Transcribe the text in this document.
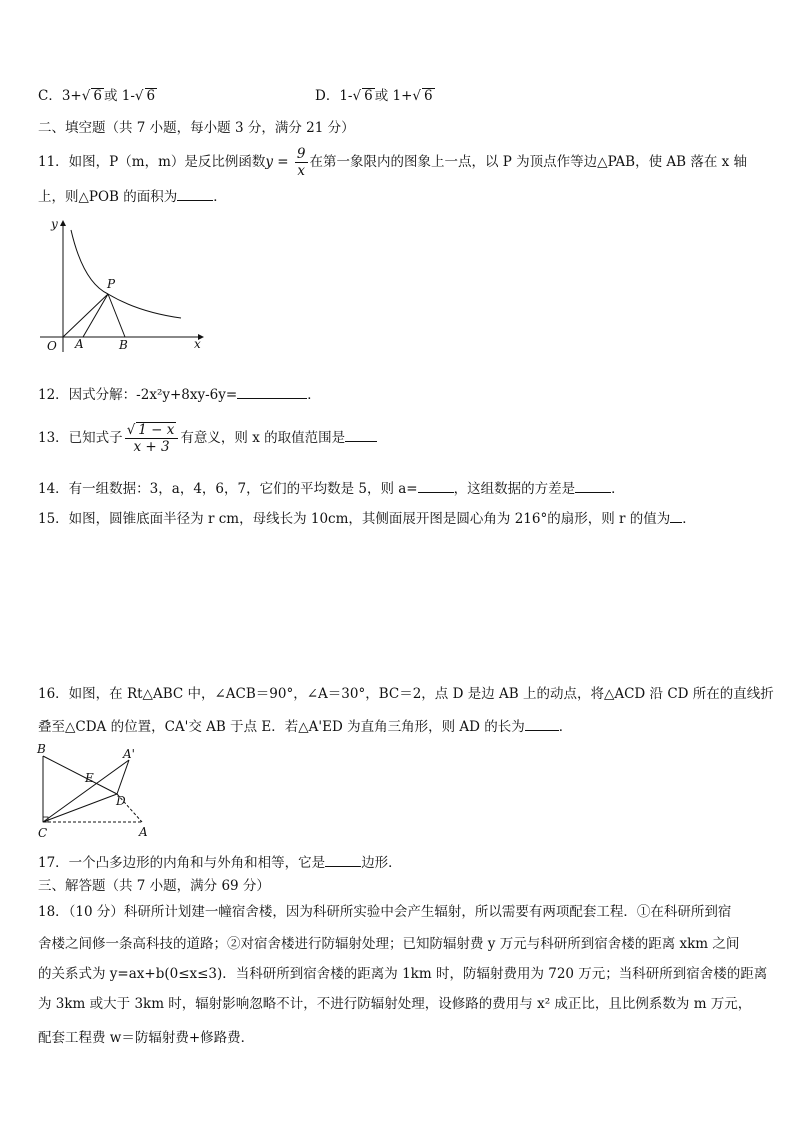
C．3+√ 6 或 1-√ 6	D．1-√ 6 或 1+√ 6
二、填空题（共 7 小题，每小题 3 分，满分 21 分）
11．如图，P（m，m）是反比例函数$y = \frac{9}{x}$ 在第一象限内的图象上一点，以 P 为顶点作等边△PAB，使 AB 落在 x 轴
上，则△POB 的面积为	．
y
x
O A	B
P
12．因式分解：-2x²y+8xy-6y=	．
13．已知式子 $\frac{√ 1 - x}{x + 3}$ 有意义，则 x 的取值范围是
14．有一组数据：3，a，4，6，7，它们的平均数是 5，则 a=	，这组数据的方差是	．
15．如图，圆锥底面半径为 r cm，母线长为 10cm，其侧面展开图是圆心角为 216°的扇形，则 r 的值为 ．
16．如图，在 Rt△ABC 中，∠ACB＝90°，∠A＝30°，BC＝2，点 D 是边 AB 上的动点，将△ACD 沿 CD 所在的直线折
叠至△CDA 的位置，CA'交 AB 于点 E．若△A'ED 为直角三角形，则 AD 的长为	．
B	A'
E
D
C	A
17．一个凸多边形的内角和与外角和相等，它是	边形．
三、解答题（共 7 小题，满分 69 分）
18．（10 分）科研所计划建一幢宿舍楼，因为科研所实验中会产生辐射，所以需要有两项配套工程．①在科研所到宿
舍楼之间修一条高科技的道路；②对宿舍楼进行防辐射处理；已知防辐射费 y 万元与科研所到宿舍楼的距离 xkm 之间
的关系式为 y=ax+b(0≤x≤3)．当科研所到宿舍楼的距离为 1km 时，防辐射费用为 720 万元；当科研所到宿舍楼的距离
为 3km 或大于 3km 时，辐射影响忽略不计，不进行防辐射处理，设修路的费用与 x² 成正比，且比例系数为 m 万元，
配套工程费 w＝防辐射费+修路费．
